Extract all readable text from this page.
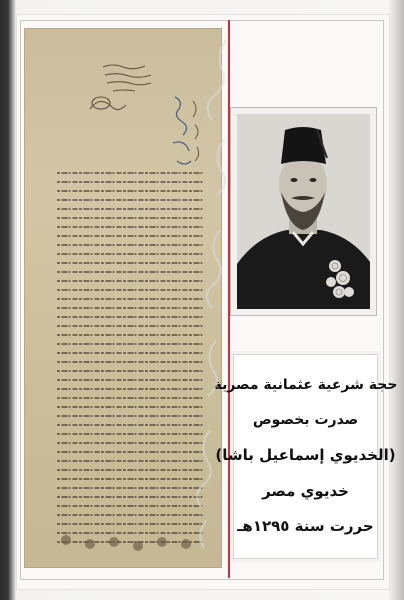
حجة شرعية عثمانية مصرية
صدرت بخصوص
(الخديوي إسماعيل باشا)
خديوي مصر
حررت سنة ١٢٩٥هـ
